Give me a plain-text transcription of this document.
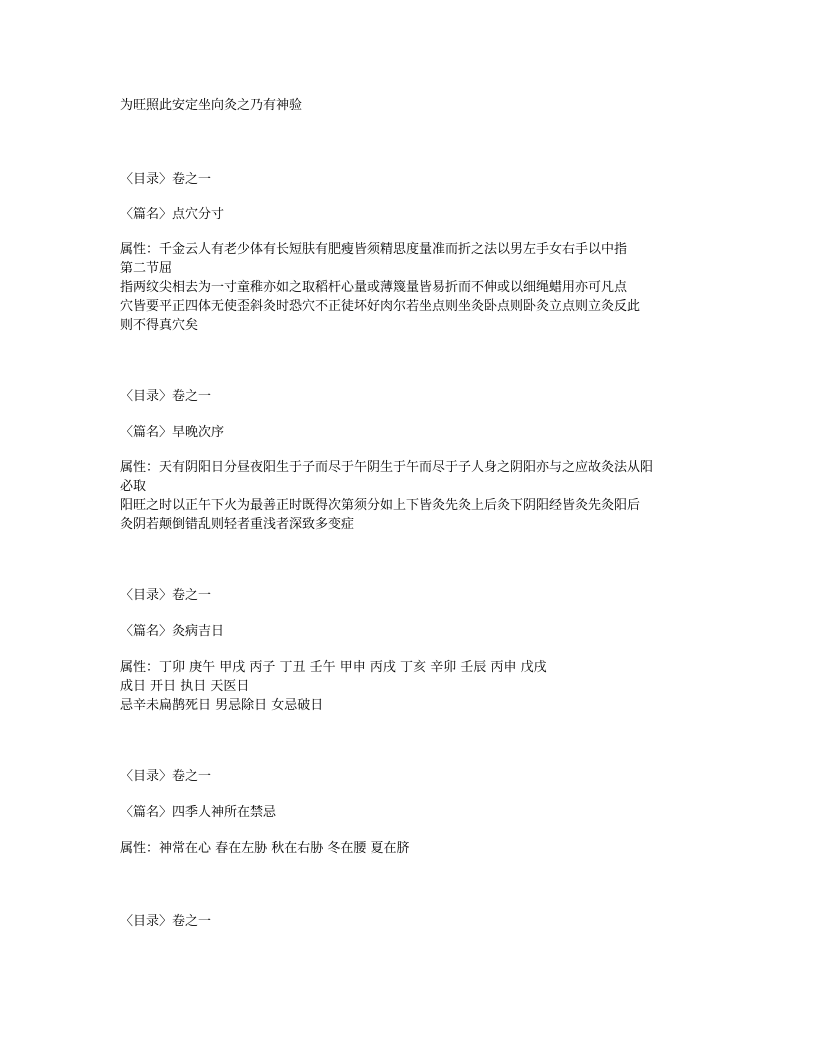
为旺照此安定坐向灸之乃有神验

〈目录〉卷之一

〈篇名〉点穴分寸

属性：千金云人有老少体有长短肤有肥瘦皆须精思度量准而折之法以男左手女右手以中指
第二节屈
指两纹尖相去为一寸童稚亦如之取稻杆心量或薄篾量皆易折而不伸或以细绳蜡用亦可凡点
穴皆要平正四体无使歪斜灸时恐穴不正徒坏好肉尔若坐点则坐灸卧点则卧灸立点则立灸反此
则不得真穴矣

〈目录〉卷之一

〈篇名〉早晚次序

属性：天有阴阳日分昼夜阳生于子而尽于午阴生于午而尽于子人身之阴阳亦与之应故灸法从阳
必取
阳旺之时以正午下火为最善正时既得次第须分如上下皆灸先灸上后灸下阴阳经皆灸先灸阳后
灸阴若颠倒错乱则轻者重浅者深致多变症

〈目录〉卷之一

〈篇名〉灸病吉日

属性：丁卯 庚午 甲戌 丙子 丁丑 壬午 甲申 丙戌 丁亥 辛卯 壬辰 丙申 戊戌
成日 开日 执日 天医日
忌辛未扁鹊死日 男忌除日 女忌破日

〈目录〉卷之一

〈篇名〉四季人神所在禁忌

属性：神常在心 春在左胁 秋在右胁 冬在腰 夏在脐

〈目录〉卷之一
